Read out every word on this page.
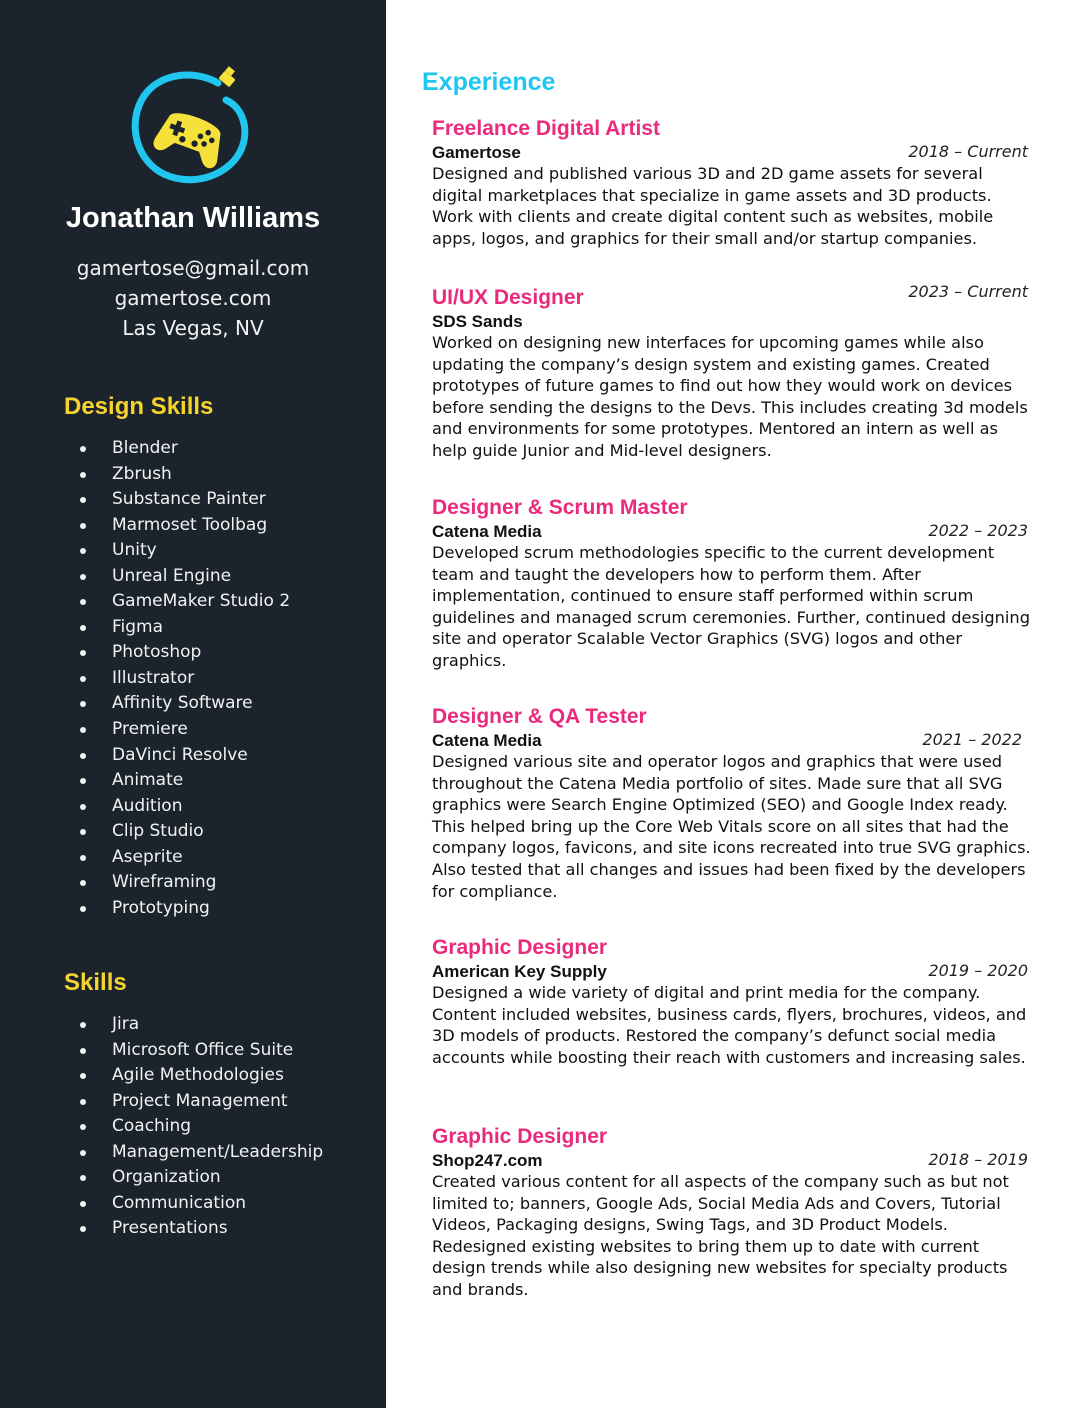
Jonathan Williams
gamertose@gmail.com
gamertose.com
Las Vegas, NV
Design Skills
Blender
Zbrush
Substance Painter
Marmoset Toolbag
Unity
Unreal Engine
GameMaker Studio 2
Figma
Photoshop
Illustrator
Affinity Software
Premiere
DaVinci Resolve
Animate
Audition
Clip Studio
Aseprite
Wireframing
Prototyping
Skills
Jira
Microsoft Office Suite
Agile Methodologies
Project Management
Coaching
Management/Leadership
Organization
Communication
Presentations
Experience
Freelance Digital Artist
2018 – Current
Gamertose

Designed and published various 3D and 2D game assets for several digital marketplaces that specialize in game assets and 3D products. Work with clients and create digital content such as websites, mobile apps, logos, and graphics for their small and/or startup companies.

UI/UX Designer	2023 – Current
SDS Sands

Worked on designing new interfaces for upcoming games while also updating the company’s design system and existing games. Created prototypes of future games to find out how they would work on devices before sending the designs to the Devs. This includes creating 3d models and environments for some prototypes. Mentored an intern as well as help guide Junior and Mid-level designers.

Designer & Scrum Master
2022 – 2023
Catena Media

Developed scrum methodologies specific to the current development team and taught the developers how to perform them. After implementation, continued to ensure staff performed within scrum guidelines and managed scrum ceremonies. Further, continued designing site and operator Scalable Vector Graphics (SVG) logos and other graphics.

Designer & QA Tester
2021 – 2022
Catena Media

Designed various site and operator logos and graphics that were used throughout the Catena Media portfolio of sites. Made sure that all SVG graphics were Search Engine Optimized (SEO) and Google Index ready. This helped bring up the Core Web Vitals score on all sites that had the company logos, favicons, and site icons recreated into true SVG graphics. Also tested that all changes and issues had been fixed by the developers for compliance.

Graphic Designer
2019 – 2020
American Key Supply

Designed a wide variety of digital and print media for the company. Content included websites, business cards, flyers, brochures, videos, and 3D models of products. Restored the company’s defunct social media accounts while boosting their reach with customers and increasing sales.

Graphic Designer
2018 – 2019
Shop247.com

Created various content for all aspects of the company such as but not limited to; banners, Google Ads, Social Media Ads and Covers, Tutorial Videos, Packaging designs, Swing Tags, and 3D Product Models. Redesigned existing websites to bring them up to date with current design trends while also designing new websites for specialty products and brands.
